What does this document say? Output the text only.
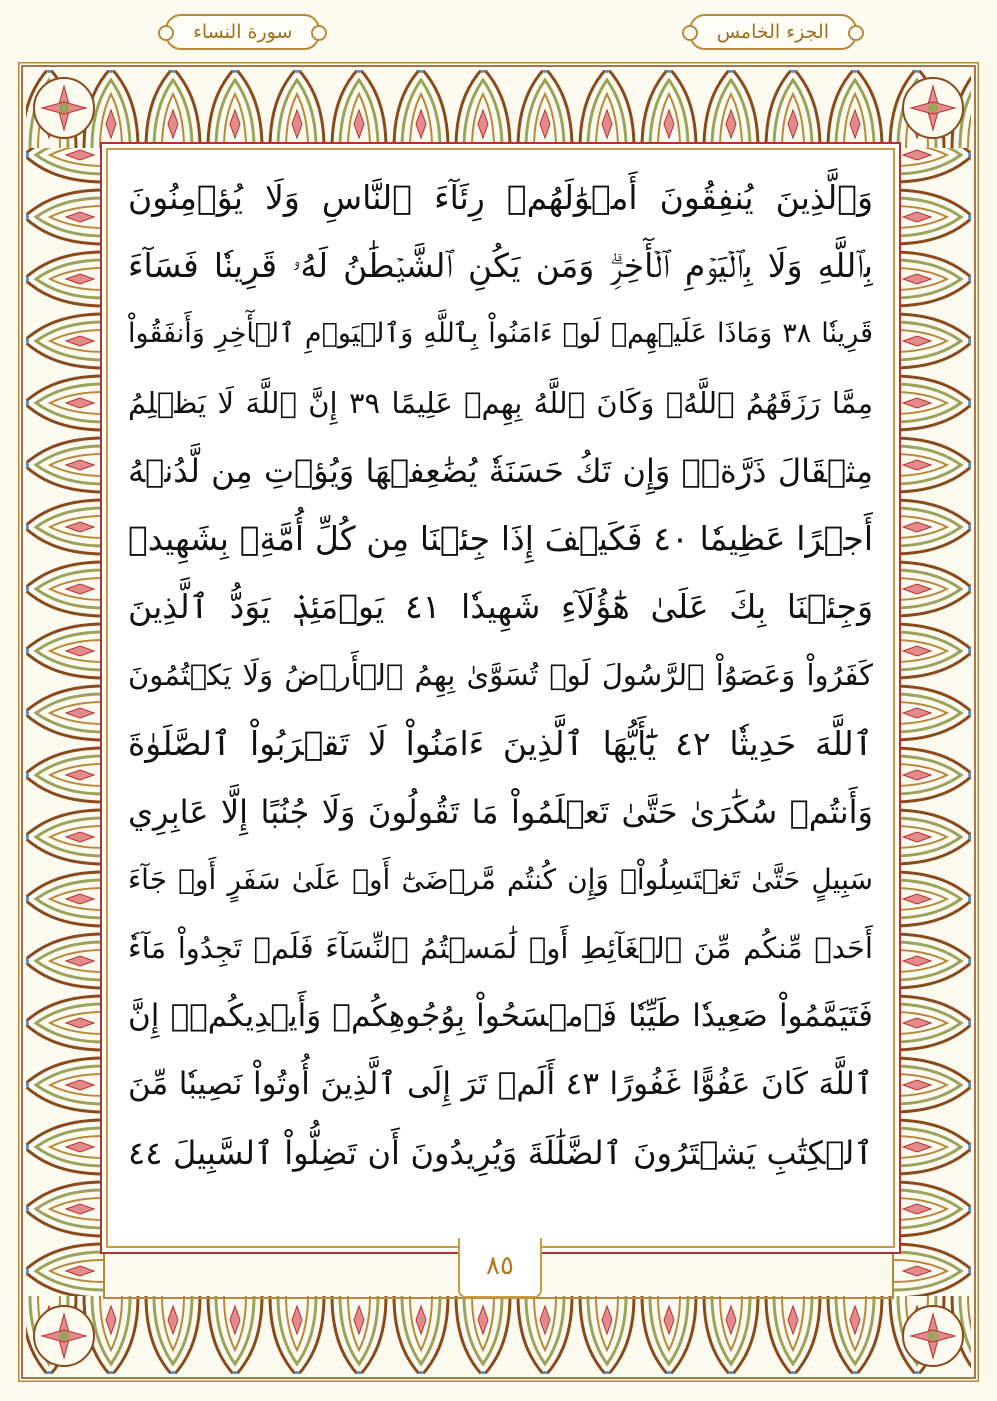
الجزء الخامس
سورة النساء
وَٱلَّذِينَ يُنفِقُونَ أَمۡوَٰلَهُمۡ رِئَآءَ ٱلنَّاسِ وَلَا يُؤۡمِنُونَ
بِٱللَّهِ وَلَا بِٱلۡيَوۡمِ ٱلۡأٓخِرِۗ وَمَن يَكُنِ ٱلشَّيۡطَٰنُ لَهُۥ قَرِينٗا فَسَآءَ
قَرِينٗا ٣٨ وَمَاذَا عَلَيۡهِمۡ لَوۡ ءَامَنُواْ بِٱللَّهِ وَٱلۡيَوۡمِ ٱلۡأٓخِرِ وَأَنفَقُواْ
مِمَّا رَزَقَهُمُ ٱللَّهُۚ وَكَانَ ٱللَّهُ بِهِمۡ عَلِيمًا ٣٩ إِنَّ ٱللَّهَ لَا يَظۡلِمُ
مِثۡقَالَ ذَرَّةٖۖ وَإِن تَكُ حَسَنَةٗ يُضَٰعِفۡهَا وَيُؤۡتِ مِن لَّدُنۡهُ
أَجۡرًا عَظِيمٗا ٤٠ فَكَيۡفَ إِذَا جِئۡنَا مِن كُلِّ أُمَّةِۭ بِشَهِيدٖ
وَجِئۡنَا بِكَ عَلَىٰ هَٰٓؤُلَآءِ شَهِيدٗا ٤١ يَوۡمَئِذٖ يَوَدُّ ٱلَّذِينَ
كَفَرُواْ وَعَصَوُاْ ٱلرَّسُولَ لَوۡ تُسَوَّىٰ بِهِمُ ٱلۡأَرۡضُ وَلَا يَكۡتُمُونَ
ٱللَّهَ حَدِيثٗا ٤٢ يَٰٓأَيُّهَا ٱلَّذِينَ ءَامَنُواْ لَا تَقۡرَبُواْ ٱلصَّلَوٰةَ
وَأَنتُمۡ سُكَٰرَىٰ حَتَّىٰ تَعۡلَمُواْ مَا تَقُولُونَ وَلَا جُنُبًا إِلَّا عَابِرِي
سَبِيلٍ حَتَّىٰ تَغۡتَسِلُواْۚ وَإِن كُنتُم مَّرۡضَىٰٓ أَوۡ عَلَىٰ سَفَرٍ أَوۡ جَآءَ
أَحَدٞ مِّنكُم مِّنَ ٱلۡغَآئِطِ أَوۡ لَٰمَسۡتُمُ ٱلنِّسَآءَ فَلَمۡ تَجِدُواْ مَآءٗ
فَتَيَمَّمُواْ صَعِيدٗا طَيِّبٗا فَٱمۡسَحُواْ بِوُجُوهِكُمۡ وَأَيۡدِيكُمۡۗ إِنَّ
ٱللَّهَ كَانَ عَفُوًّا غَفُورًا ٤٣ أَلَمۡ تَرَ إِلَى ٱلَّذِينَ أُوتُواْ نَصِيبٗا مِّنَ
ٱلۡكِتَٰبِ يَشۡتَرُونَ ٱلضَّلَٰلَةَ وَيُرِيدُونَ أَن تَضِلُّواْ ٱلسَّبِيلَ ٤٤
٨٥
